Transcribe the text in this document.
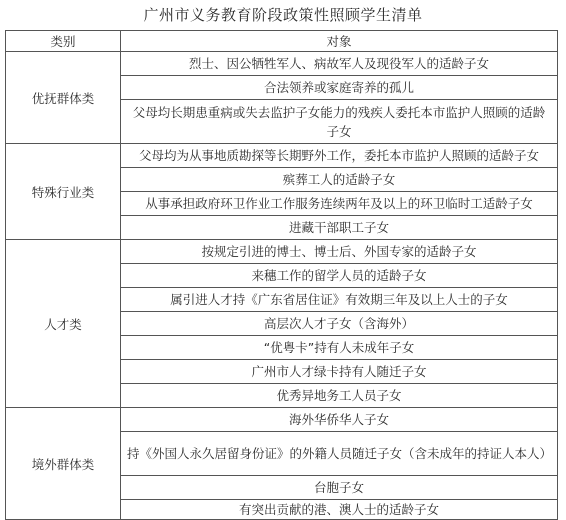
广州市义务教育阶段政策性照顾学生清单
类别	对象
优抚群体类	烈士、因公牺牲军人、病故军人及现役军人的适龄子女
	合法领养或家庭寄养的孤儿
	父母均长期患重病或失去监护子女能力的残疾人委托本市监护人照顾的适龄子女
特殊行业类	父母均为从事地质勘探等长期野外工作，委托本市监护人照顾的适龄子女
	殡葬工人的适龄子女
	从事承担政府环卫作业工作服务连续两年及以上的环卫临时工适龄子女
	进藏干部职工子女
人才类	按规定引进的博士、博士后、外国专家的适龄子女
	来穗工作的留学人员的适龄子女
	属引进人才持《广东省居住证》有效期三年及以上人士的子女
	高层次人才子女（含海外）
	“优粤卡”持有人未成年子女
	广州市人才绿卡持有人随迁子女
	优秀异地务工人员子女
境外群体类	海外华侨华人子女
	持《外国人永久居留身份证》的外籍人员随迁子女（含未成年的持证人本人）
	台胞子女
	有突出贡献的港、澳人士的适龄子女
